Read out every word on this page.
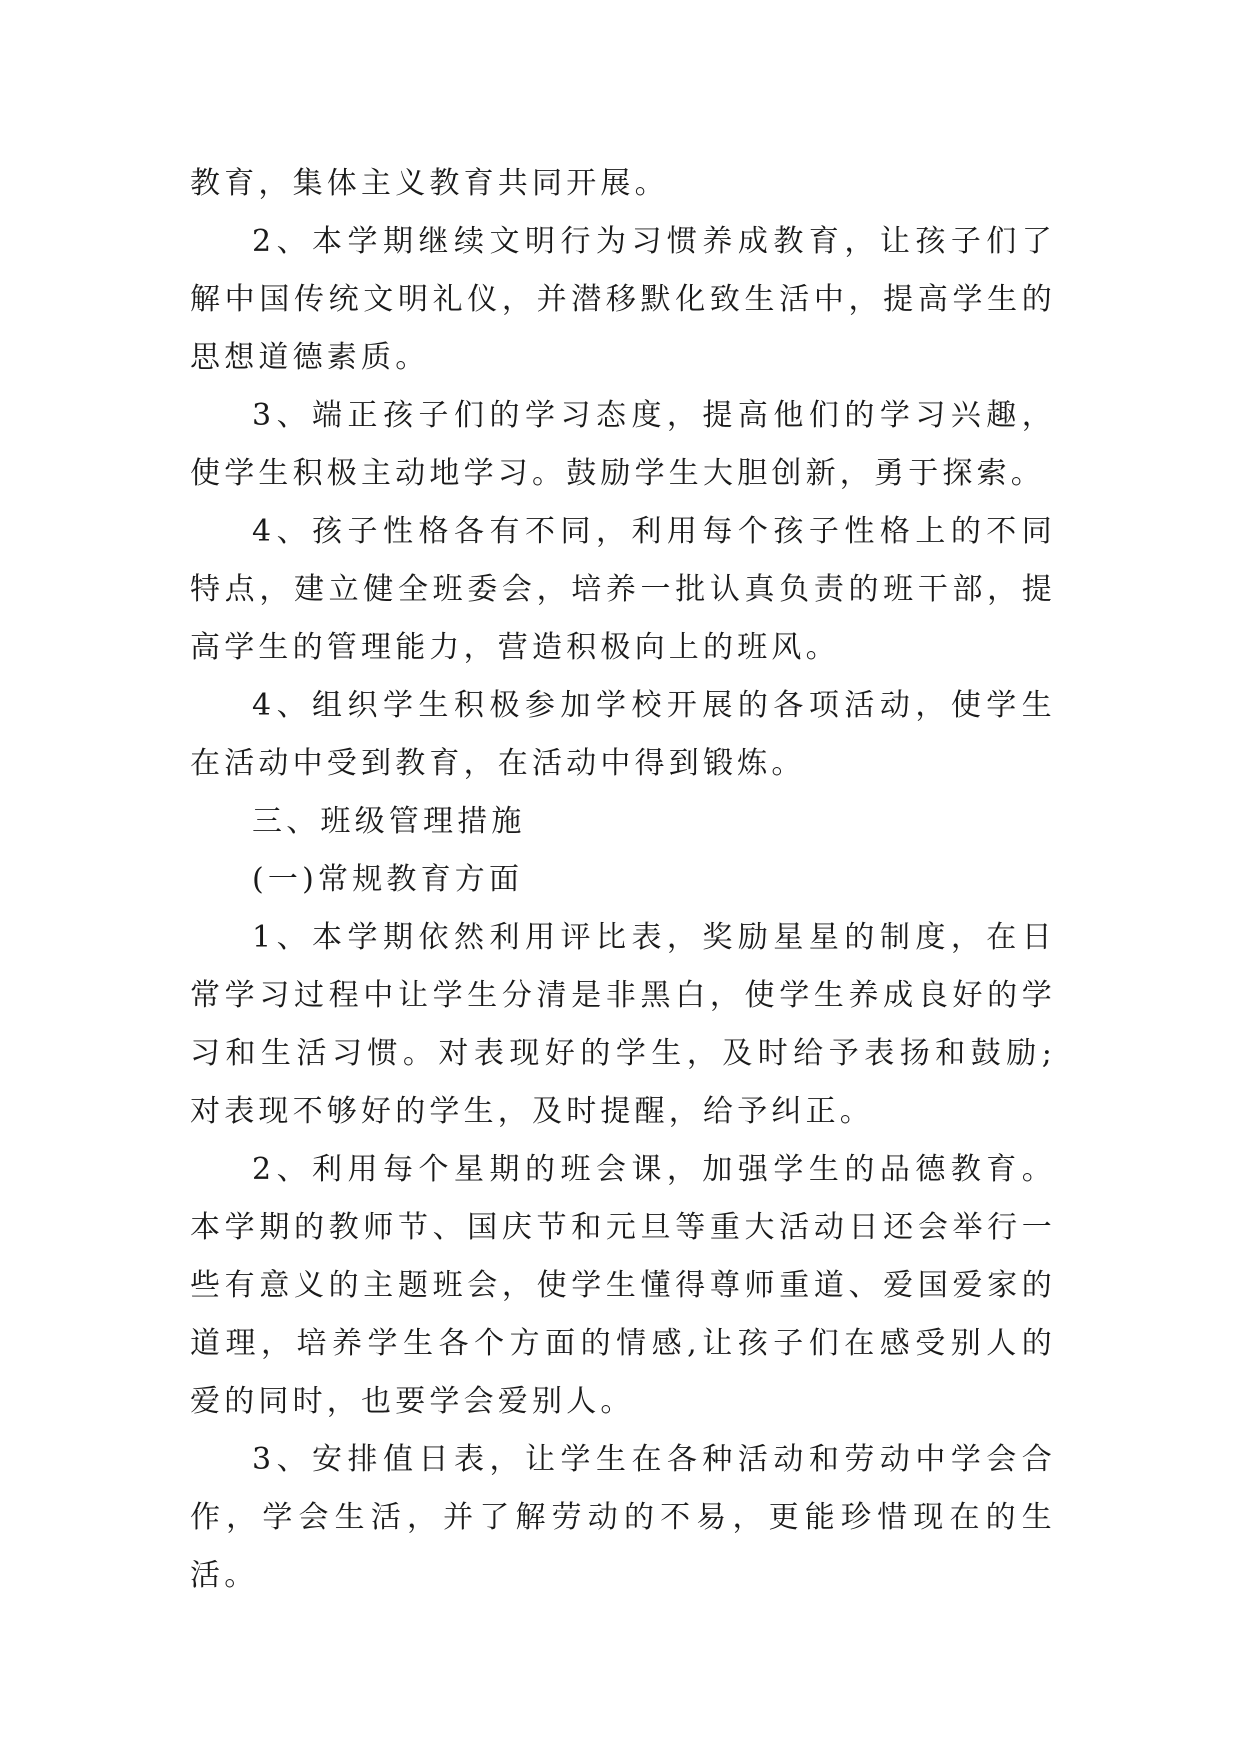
教育，集体主义教育共同开展。

2、本学期继续文明行为习惯养成教育，让孩子们了解中国传统文明礼仪，并潜移默化致生活中，提高学生的思想道德素质。

3、端正孩子们的学习态度，提高他们的学习兴趣，使学生积极主动地学习。鼓励学生大胆创新，勇于探索。

4、孩子性格各有不同，利用每个孩子性格上的不同特点，建立健全班委会，培养一批认真负责的班干部，提高学生的管理能力，营造积极向上的班风。

4、组织学生积极参加学校开展的各项活动，使学生在活动中受到教育，在活动中得到锻炼。

三、班级管理措施

(一)常规教育方面

1、本学期依然利用评比表，奖励星星的制度，在日常学习过程中让学生分清是非黑白，使学生养成良好的学习和生活习惯。对表现好的学生，及时给予表扬和鼓励;对表现不够好的学生，及时提醒，给予纠正。

2、利用每个星期的班会课，加强学生的品德教育。本学期的教师节、国庆节和元旦等重大活动日还会举行一些有意义的主题班会，使学生懂得尊师重道、爱国爱家的道理，培养学生各个方面的情感,让孩子们在感受别人的爱的同时，也要学会爱别人。

3、安排值日表，让学生在各种活动和劳动中学会合作，学会生活，并了解劳动的不易，更能珍惜现在的生活。
